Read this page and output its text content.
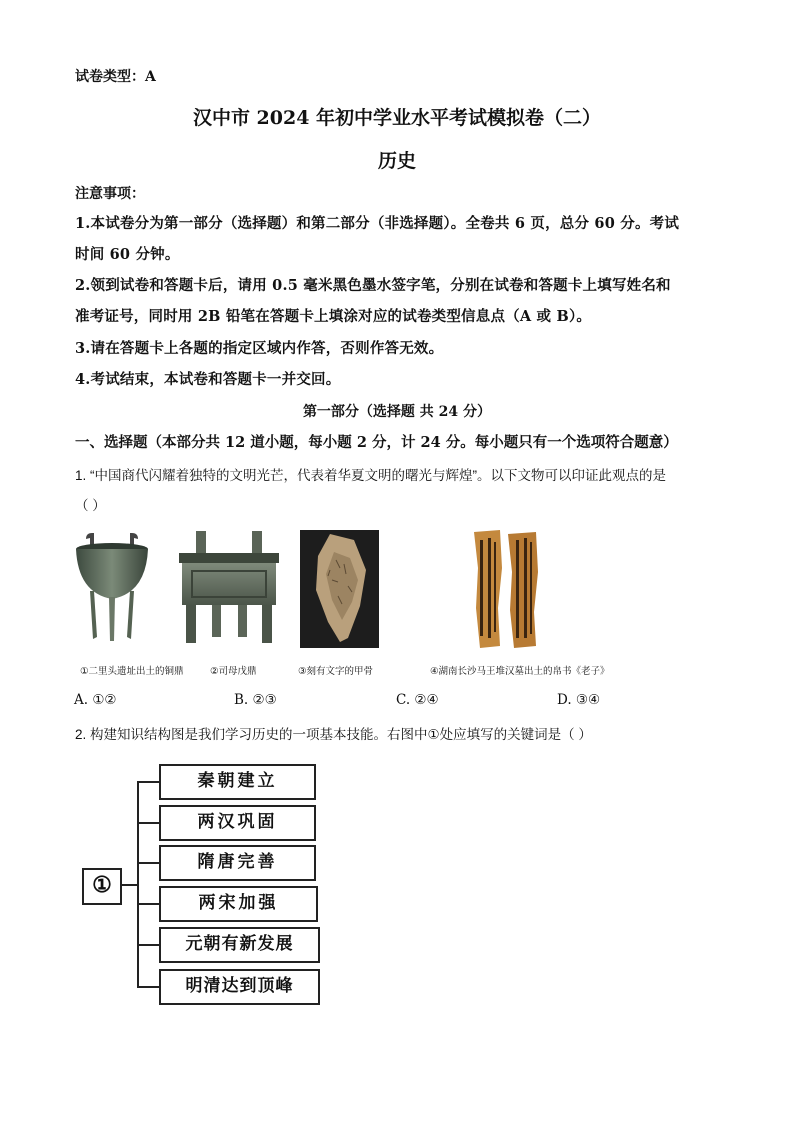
试卷类型：A
汉中市 2024 年初中学业水平考试模拟卷（二）
历史
注意事项：
1.本试卷分为第一部分（选择题）和第二部分（非选择题）。全卷共 6 页，总分 60 分。考试
时间 60 分钟。
2.领到试卷和答题卡后，请用 0.5 毫米黑色墨水签字笔，分别在试卷和答题卡上填写姓名和
准考证号，同时用 2B 铅笔在答题卡上填涂对应的试卷类型信息点（A 或 B）。
3.请在答题卡上各题的指定区域内作答，否则作答无效。
4.考试结束，本试卷和答题卡一并交回。
第一部分（选择题 共 24 分）
一、选择题（本部分共 12 道小题，每小题 2 分，计 24 分。每小题只有一个选项符合题意）
1. “中国商代闪耀着独特的文明光芒，代表着华夏文明的曙光与辉煌”。以下文物可以印证此观点的是
（ ）
①二里头遗址出土的铜鼎	②司母戊鼎	③刻有文字的甲骨	④湖南长沙马王堆汉墓出土的帛书《老子》
A. ①②	B. ②③	C. ②④	D. ③④
2. 构建知识结构图是我们学习历史的一项基本技能。右图中①处应填写的关键词是（ ）
①
秦朝建立
两汉巩固
隋唐完善
两宋加强
元朝有新发展
明清达到顶峰
